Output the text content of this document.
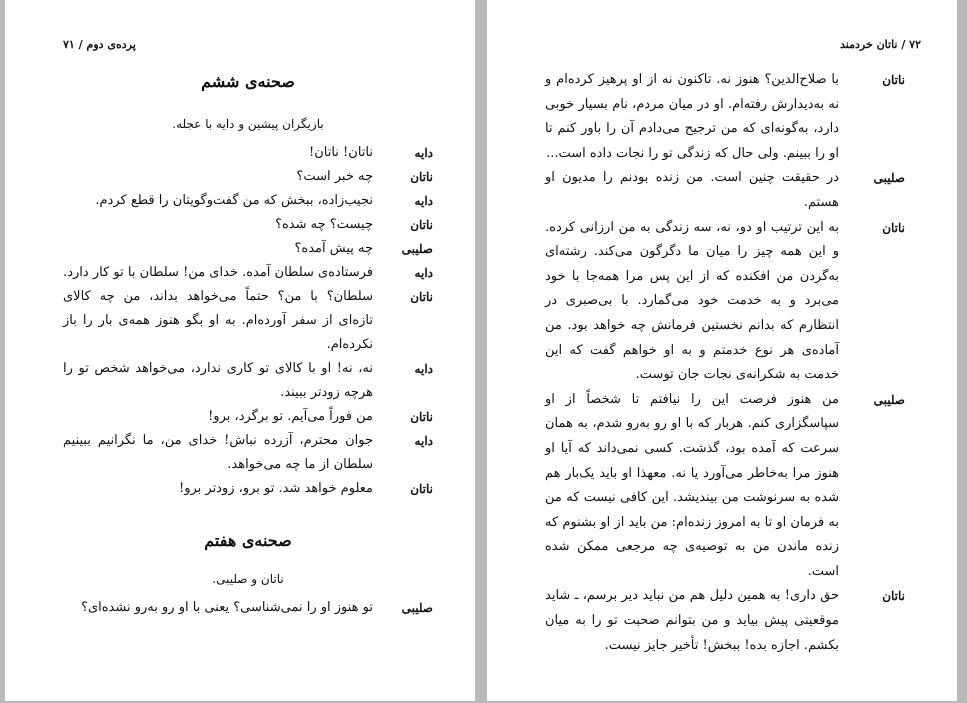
پرده‌ی دوم / ۷۱
صحنه‌ی ششم

بازیگران پیشین و دایه با عجله.

دایه
ناتان! ناتان!
ناتان
چه خبر است؟
دایه
نجیب‌زاده، ببخش که من گفت‌وگویتان را قطع کردم.
ناتان
چیست؟ چه شده؟
صلیبی
چه پیش آمده؟
دایه
فرستاده‌ی سلطان آمده. خدای من! سلطان با تو کار دارد.
ناتان
سلطان؟ با من؟ حتماً می‌خواهد بداند، من چه کالای تازه‌ای از سفر آورده‌ام. به او بگو هنوز همه‌ی بار را باز نکرده‌ام.
دایه
نه، نه! او با کالای تو کاری ندارد، می‌خواهد شخص تو را هرچه زودتر ببیند.
ناتان
من فوراً می‌آیم. تو برگرد، برو!
دایه
جوان محترم، آزرده نباش! خدای من، ما نگرانیم ببینیم سلطان از ما چه می‌خواهد.
ناتان
معلوم خواهد شد. تو برو، زودتر برو!
صحنه‌ی هفتم

ناتان و صلیبی.

صلیبی
تو هنوز او را نمی‌شناسی؟ یعنی با او رو به‌رو نشده‌ای؟
۷۲ / ناتان خردمند
ناتان
با صلاح‌الدین؟ هنوز نه. تاکنون نه از او پرهیز کرده‌ام و نه به‌دیدارش رفته‌ام. او در میان مردم، نام بسیار خوبی دارد، به‌گونه‌ای که من ترجیح می‌دادم آن را باور کنم تا او را ببینم. ولی حال که زندگی تو را نجات داده است...
صلیبی
در حقیقت چنین است. من زنده بودنم را مدیون او هستم.
ناتان
به این ترتیب او دو، نه، سه زندگی به من ارزانی کرده. و این همه چیز را میان ما دگرگون می‌کند. رشته‌ای به‌گردن من افکنده که از این پس مرا همه‌جا با خود می‌برد و به خدمت خود می‌گمارد. با بی‌صبری در انتظارم که بدانم نخستین فرمانش چه خواهد بود. من آماده‌ی هر نوع خدمتم و به او خواهم گفت که این خدمت به شکرانه‌ی نجات جان توست.
صلیبی
من هنوز فرصت این را نیافتم تا شخصاً از او سپاسگزاری کنم. هربار که با او رو به‌رو شدم، به همان سرعت که آمده بود، گذشت. کسی نمی‌داند که آیا او هنوز مرا به‌خاطر می‌آورد یا نه. معهذا او باید یک‌بار هم شده به سرنوشت من بیندیشد. این کافی نیست که من به فرمان او تا به امروز زنده‌ام: من باید از او بشنوم که زنده ماندن من به توصیه‌ی چه مرجعی ممکن شده است.
ناتان
حق داری! به همین دلیل هم من نباید دیر برسم، ـ شاید موقعیتی پیش بیاید و من بتوانم صحبت تو را به میان بکشم. اجازه بده! ببخش! تأخیر جایز نیست.
